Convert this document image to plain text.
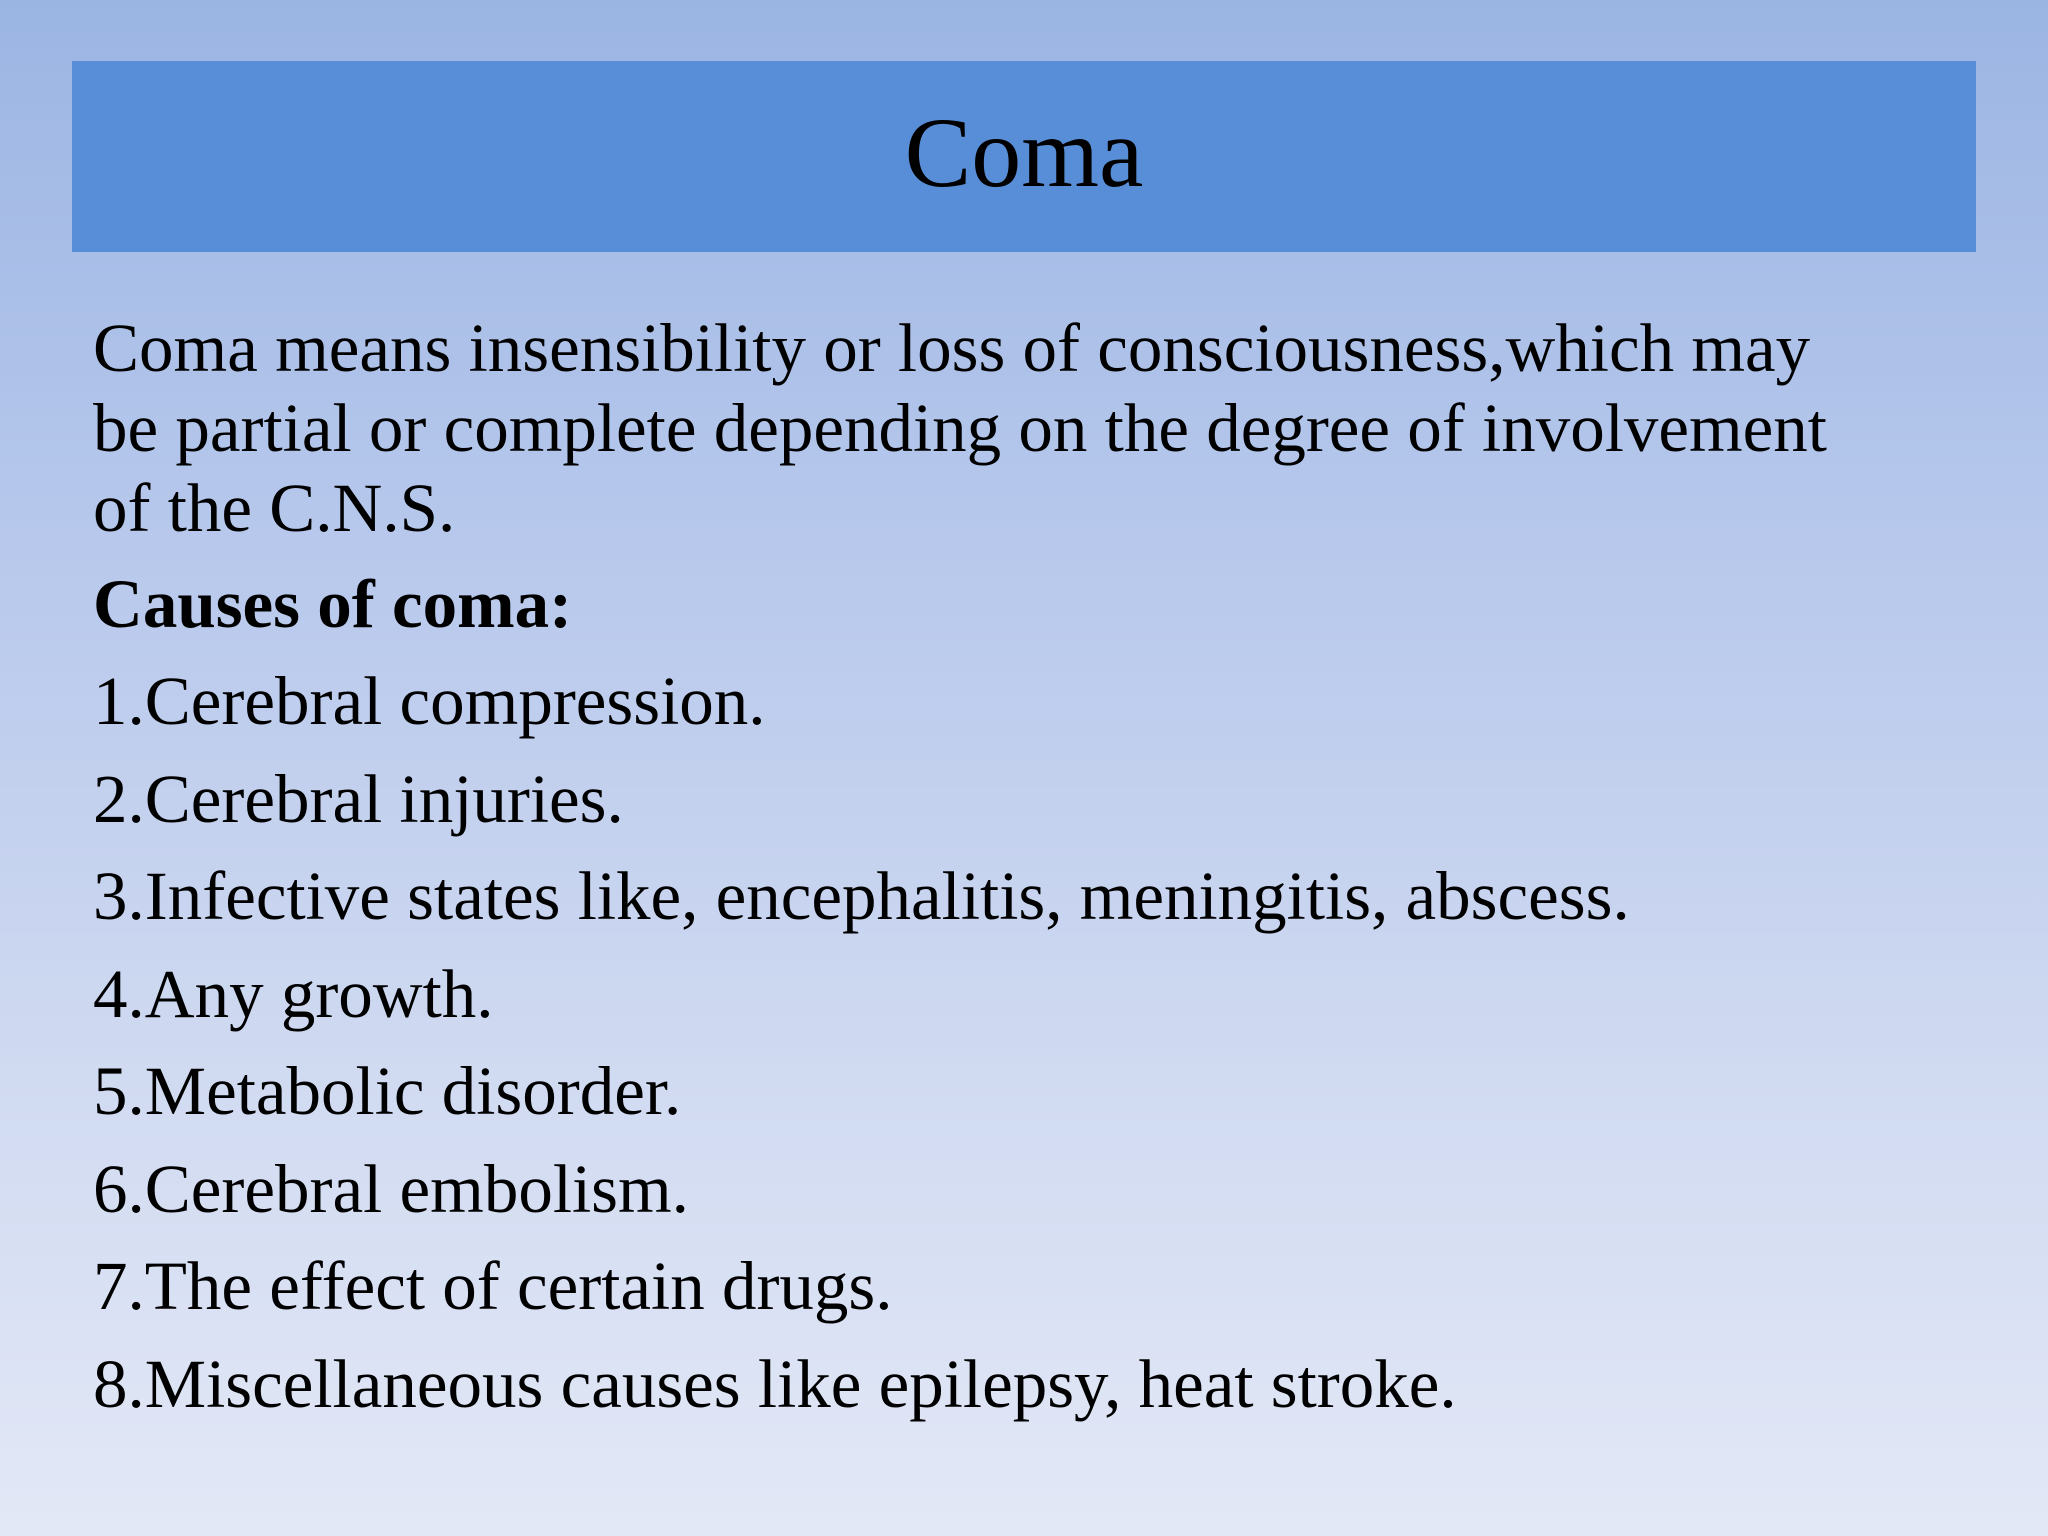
Coma

Coma means insensibility or loss of consciousness,which may
be partial or complete depending on the degree of involvement
of the C.N.S.

Causes of coma:
1.Cerebral compression.
2.Cerebral injuries.
3.Infective states like, encephalitis, meningitis, abscess.
4.Any growth.
5.Metabolic disorder.
6.Cerebral embolism.
7.The effect of certain drugs.
8.Miscellaneous causes like epilepsy, heat stroke.
